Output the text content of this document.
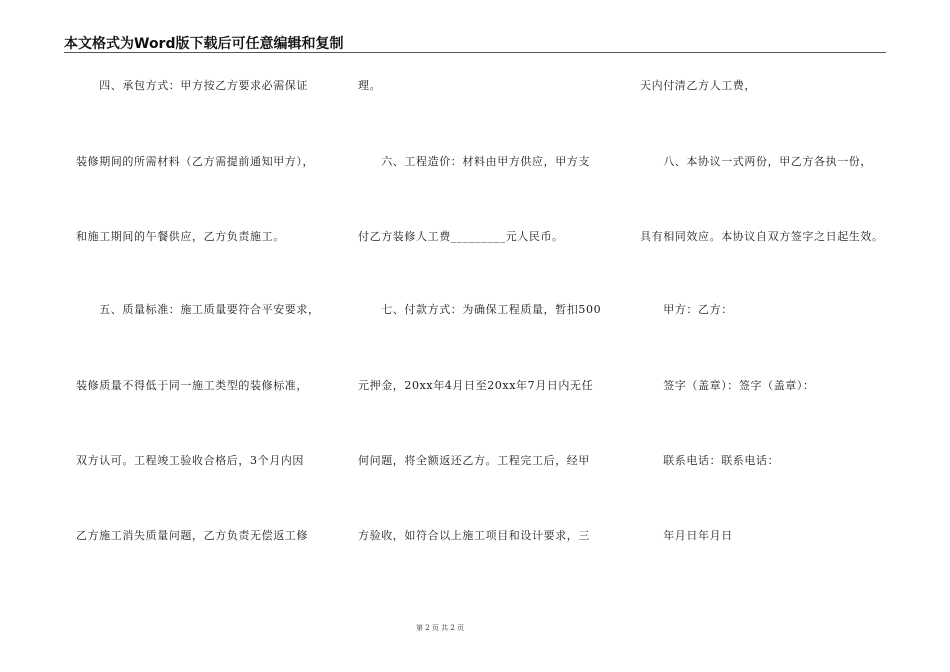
本文格式为Word版下载后可任意编辑和复制
　　四、承包方式：甲方按乙方要求必需保证
装修期间的所需材料（乙方需提前通知甲方），
和施工期间的午餐供应，乙方负责施工。
　　五、质量标准：施工质量要符合平安要求，
装修质量不得低于同一施工类型的装修标准，
双方认可。工程竣工验收合格后，3个月内因
乙方施工消失质量问题，乙方负责无偿返工修
理。
　　六、工程造价：材料由甲方供应，甲方支
付乙方装修人工费_________元人民币。
　　七、付款方式：为确保工程质量，暂扣500
元押金，20xx年4月日至20xx年7月日内无任
何问题，将全额返还乙方。工程完工后，经甲
方验收，如符合以上施工项目和设计要求，三
天内付清乙方人工费，
　　八、本协议一式两份，甲乙方各执一份，
具有相同效应。本协议自双方签字之日起生效。
　　甲方：乙方：
　　签字（盖章）：签字（盖章）：
　　联系电话：联系电话：
　　年月日年月日
第 2 页 共 2 页
